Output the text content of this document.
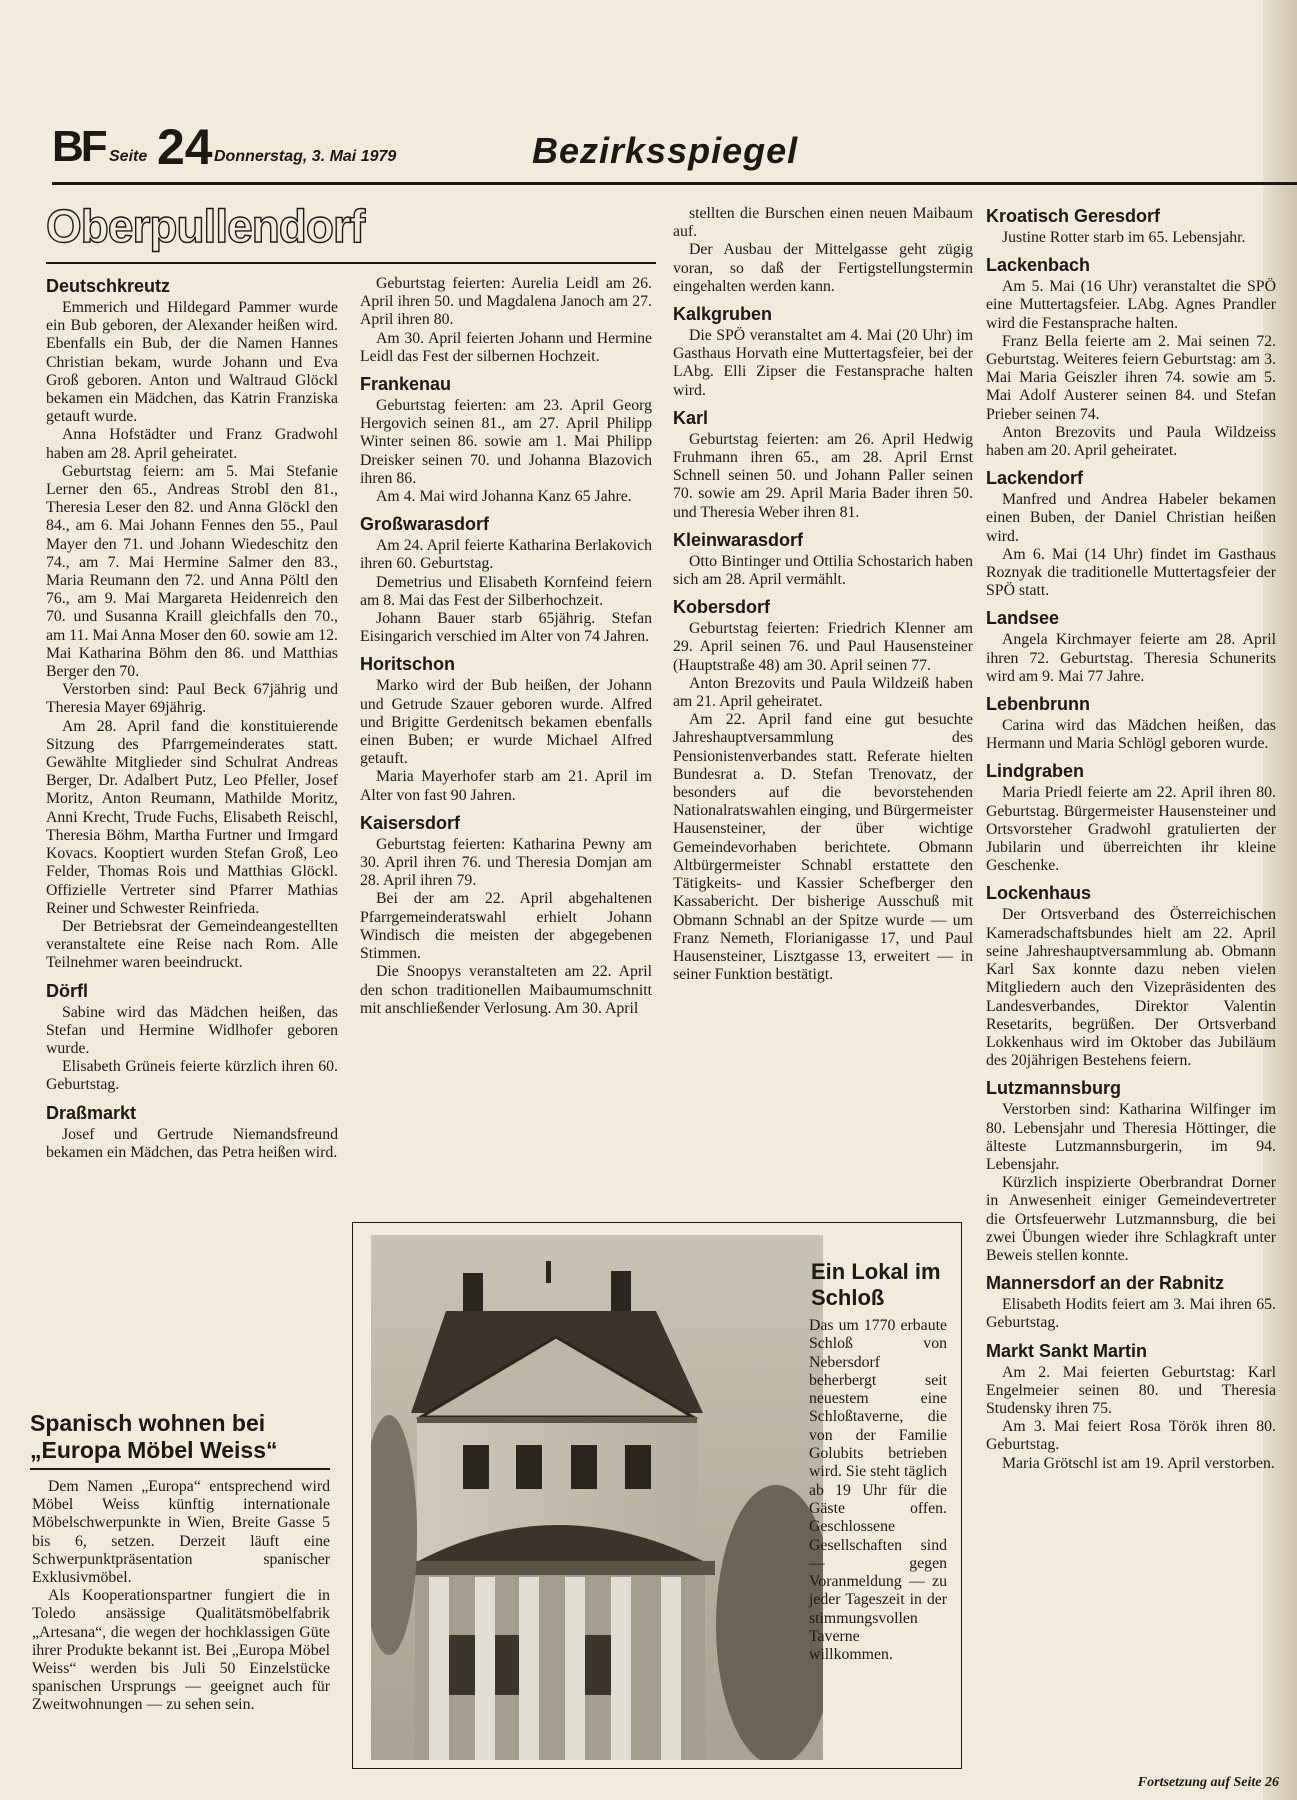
BF Seite 24 Donnerstag, 3. Mai 1979	Bezirksspiegel
Oberpullendorf
Deutschkreutz

Emmerich und Hildegard Pammer wurde ein Bub geboren, der Alexander heißen wird. Ebenfalls ein Bub, der die Namen Hannes Christian bekam, wurde Johann und Eva Groß geboren. Anton und Waltraud Glöckl bekamen ein Mädchen, das Katrin Franziska getauft wurde.

Anna Hofstädter und Franz Gradwohl haben am 28. April geheiratet.

Geburtstag feiern: am 5. Mai Stefanie Lerner den 65., Andreas Strobl den 81., Theresia Leser den 82. und Anna Glöckl den 84., am 6. Mai Johann Fennes den 55., Paul Mayer den 71. und Johann Wiedeschitz den 74., am 7. Mai Hermine Salmer den 83., Maria Reumann den 72. und Anna Pöltl den 76., am 9. Mai Margareta Heidenreich den 70. und Susanna Kraill gleichfalls den 70., am 11. Mai Anna Moser den 60. sowie am 12. Mai Katharina Böhm den 86. und Matthias Berger den 70.

Verstorben sind: Paul Beck 67jährig und Theresia Mayer 69jährig.

Am 28. April fand die konstituierende Sitzung des Pfarrgemeinderates statt. Gewählte Mitglieder sind Schulrat Andreas Berger, Dr. Adalbert Putz, Leo Pfeller, Josef Moritz, Anton Reumann, Mathilde Moritz, Anni Krecht, Trude Fuchs, Elisabeth Reischl, Theresia Böhm, Martha Furtner und Irmgard Kovacs. Kooptiert wurden Stefan Groß, Leo Felder, Thomas Rois und Matthias Glöckl. Offizielle Vertreter sind Pfarrer Mathias Reiner und Schwester Reinfrieda.

Der Betriebsrat der Gemeindeangestellten veranstaltete eine Reise nach Rom. Alle Teilnehmer waren beeindruckt.

Dörfl

Sabine wird das Mädchen heißen, das Stefan und Hermine Widlhofer geboren wurde.

Elisabeth Grüneis feierte kürzlich ihren 60. Geburtstag.

Draßmarkt

Josef und Gertrude Niemandsfreund bekamen ein Mädchen, das Petra heißen wird.

Geburtstag feierten: Aurelia Leidl am 26. April ihren 50. und Magdalena Janoch am 27. April ihren 80.

Am 30. April feierten Johann und Hermine Leidl das Fest der silbernen Hochzeit.

Frankenau

Geburtstag feierten: am 23. April Georg Hergovich seinen 81., am 27. April Philipp Winter seinen 86. sowie am 1. Mai Philipp Dreisker seinen 70. und Johanna Blazovich ihren 86.

Am 4. Mai wird Johanna Kanz 65 Jahre.

Großwarasdorf

Am 24. April feierte Katharina Berlakovich ihren 60. Geburtstag.

Demetrius und Elisabeth Kornfeind feiern am 8. Mai das Fest der Silberhochzeit.

Johann Bauer starb 65jährig. Stefan Eisingarich verschied im Alter von 74 Jahren.

Horitschon

Marko wird der Bub heißen, der Johann und Getrude Szauer geboren wurde. Alfred und Brigitte Gerdenitsch bekamen ebenfalls einen Buben; er wurde Michael Alfred getauft.

Maria Mayerhofer starb am 21. April im Alter von fast 90 Jahren.

Kaisersdorf

Geburtstag feierten: Katharina Pewny am 30. April ihren 76. und Theresia Domjan am 28. April ihren 79.

Bei der am 22. April abgehaltenen Pfarrgemeinderatswahl erhielt Johann Windisch die meisten der abgegebenen Stimmen.

Die Snoopys veranstalteten am 22. April den schon traditionellen Maibaumumschnitt mit anschließender Verlosung. Am 30. April

stellten die Burschen einen neuen Maibaum auf.

Der Ausbau der Mittelgasse geht zügig voran, so daß der Fertigstellungstermin eingehalten werden kann.

Kalkgruben

Die SPÖ veranstaltet am 4. Mai (20 Uhr) im Gasthaus Horvath eine Muttertagsfeier, bei der LAbg. Elli Zipser die Festansprache halten wird.

Karl

Geburtstag feierten: am 26. April Hedwig Fruhmann ihren 65., am 28. April Ernst Schnell seinen 50. und Johann Paller seinen 70. sowie am 29. April Maria Bader ihren 50. und Theresia Weber ihren 81.

Kleinwarasdorf

Otto Bintinger und Ottilia Schostarich haben sich am 28. April vermählt.

Kobersdorf

Geburtstag feierten: Friedrich Klenner am 29. April seinen 76. und Paul Hausensteiner (Hauptstraße 48) am 30. April seinen 77.

Anton Brezovits und Paula Wildzeiß haben am 21. April geheiratet.

Am 22. April fand eine gut besuchte Jahreshauptversammlung des Pensionistenverbandes statt. Referate hielten Bundesrat a. D. Stefan Trenovatz, der besonders auf die bevorstehenden Nationalratswahlen einging, und Bürgermeister Hausensteiner, der über wichtige Gemeindevorhaben berichtete. Obmann Altbürgermeister Schnabl erstattete den Tätigkeits- und Kassier Schefberger den Kassabericht. Der bisherige Ausschuß mit Obmann Schnabl an der Spitze wurde — um Franz Nemeth, Florianigasse 17, und Paul Hausensteiner, Lisztgasse 13, erweitert — in seiner Funktion bestätigt.

Kroatisch Geresdorf

Justine Rotter starb im 65. Lebensjahr.

Lackenbach

Am 5. Mai (16 Uhr) veranstaltet die SPÖ eine Muttertagsfeier. LAbg. Agnes Prandler wird die Festansprache halten.

Franz Bella feierte am 2. Mai seinen 72. Geburtstag. Weiteres feiern Geburtstag: am 3. Mai Maria Geiszler ihren 74. sowie am 5. Mai Adolf Austerer seinen 84. und Stefan Prieber seinen 74.

Anton Brezovits und Paula Wildzeiss haben am 20. April geheiratet.

Lackendorf

Manfred und Andrea Habeler bekamen einen Buben, der Daniel Christian heißen wird.

Am 6. Mai (14 Uhr) findet im Gasthaus Roznyak die traditionelle Muttertagsfeier der SPÖ statt.

Landsee

Angela Kirchmayer feierte am 28. April ihren 72. Geburtstag. Theresia Schunerits wird am 9. Mai 77 Jahre.

Lebenbrunn

Carina wird das Mädchen heißen, das Hermann und Maria Schlögl geboren wurde.

Lindgraben

Maria Priedl feierte am 22. April ihren 80. Geburtstag. Bürgermeister Hausensteiner und Ortsvorsteher Gradwohl gratulierten der Jubilarin und überreichten ihr kleine Geschenke.

Lockenhaus

Der Ortsverband des Österreichischen Kameradschaftsbundes hielt am 22. April seine Jahreshauptversammlung ab. Obmann Karl Sax konnte dazu neben vielen Mitgliedern auch den Vizepräsidenten des Landesverbandes, Direktor Valentin Resetarits, begrüßen. Der Ortsverband Lokkenhaus wird im Oktober das Jubiläum des 20jährigen Bestehens feiern.

Lutzmannsburg

Verstorben sind: Katharina Wilfinger im 80. Lebensjahr und Theresia Höttinger, die älteste Lutzmannsburgerin, im 94. Lebensjahr.

Kürzlich inspizierte Oberbrandrat Dorner in Anwesenheit einiger Gemeindevertreter die Ortsfeuerwehr Lutzmannsburg, die bei zwei Übungen wieder ihre Schlagkraft unter Beweis stellen konnte.

Mannersdorf an der Rabnitz

Elisabeth Hodits feiert am 3. Mai ihren 65. Geburtstag.

Markt Sankt Martin

Am 2. Mai feierten Geburtstag: Karl Engelmeier seinen 80. und Theresia Studensky ihren 75.

Am 3. Mai feiert Rosa Török ihren 80. Geburtstag.

Maria Grötschl ist am 19. April verstorben.

Spanisch wohnen bei „Europa Möbel Weiss“

Dem Namen „Europa“ entsprechend wird Möbel Weiss künftig internationale Möbelschwerpunkte in Wien, Breite Gasse 5 bis 6, setzen. Derzeit läuft eine Schwerpunktpräsentation spanischer Exklusivmöbel.

Als Kooperationspartner fungiert die in Toledo ansässige Qualitätsmöbelfabrik „Artesana“, die wegen der hochklassigen Güte ihrer Produkte bekannt ist. Bei „Europa Möbel Weiss“ werden bis Juli 50 Einzelstücke spanischen Ursprungs — geeignet auch für Zweitwohnungen — zu sehen sein.

Ein Lokal im Schloß
Das um 1770 erbaute Schloß von Nebersdorf beherbergt seit neuestem eine Schloßtaverne, die von der Familie Golubits betrieben wird. Sie steht täglich ab 19 Uhr für die Gäste offen. Geschlossene Gesellschaften sind — gegen Voranmeldung — zu jeder Tageszeit in der stimmungsvollen Taverne willkommen.
Fortsetzung auf Seite 26
